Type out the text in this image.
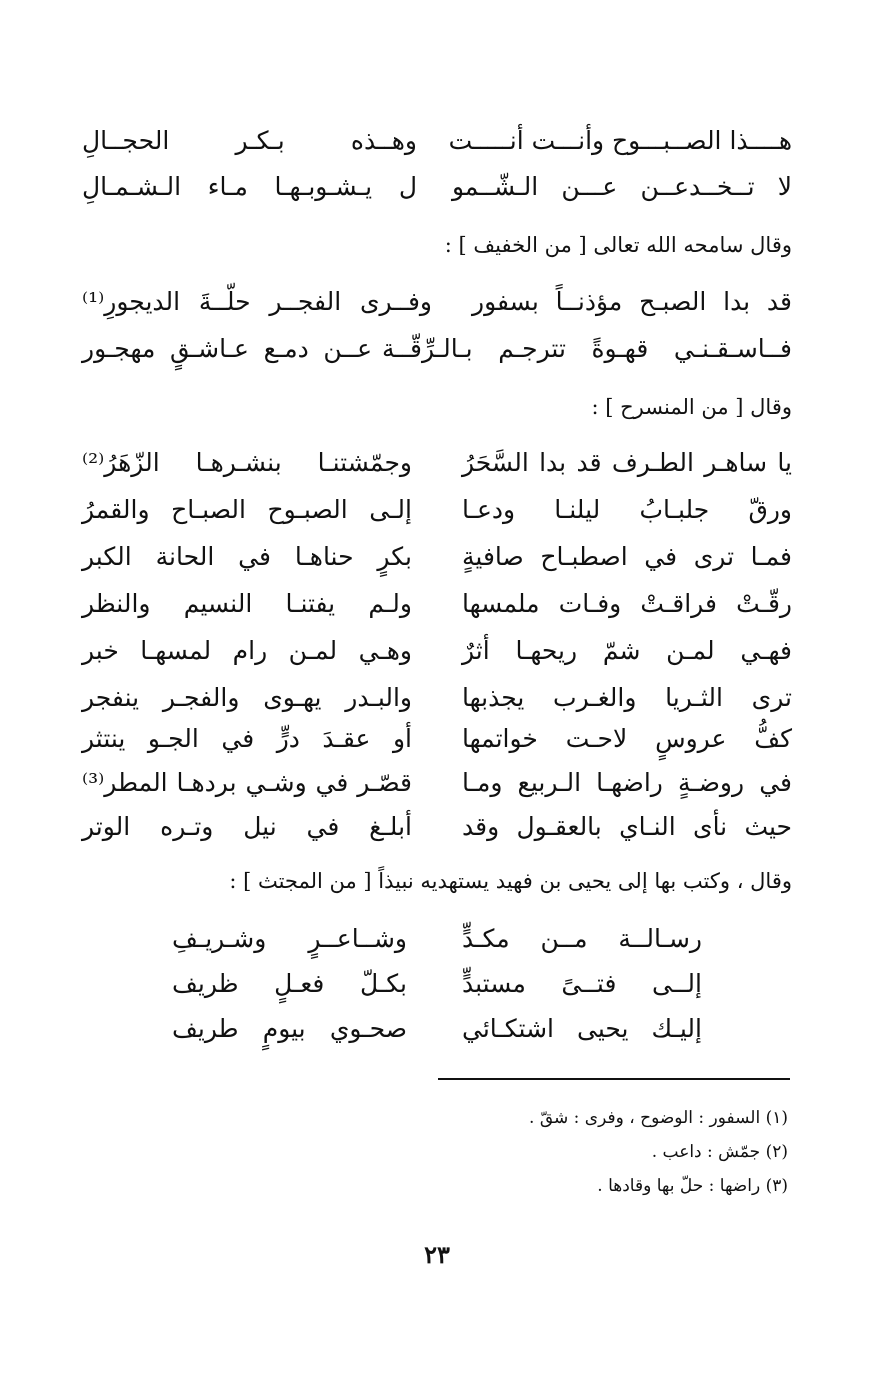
هــــذا الصــبـــوح وأنـــت أنـــــت
وهــذه بـكـر الحجــالِ
لا تــخــدعــن عـــن الـشّــمو
ل يـشـوبـهـا مـاء الـشـمـالِ
وقال سامحه الله تعالى [ من الخفيف ] :
قد بدا الصبـح مؤذنــاً بسفور
وفــرى الفجــر حلّــةَ الديجورِ⁽¹⁾
فــاسـقـنـي قهـوةً تترجـم بـالـرِّقّــة
عــن دمـع عـاشـقٍ مهجـور
وقال [ من المنسرح ] :
يا ساهـر الطـرف قد بدا السَّحَرُ
وجمّشتنـا بنشـرهـا الزّهَرُ⁽²⁾
ورقّ جلبـابُ ليلنـا ودعـا
إلـى الصبـوح الصبـاح والقمرُ
فمـا ترى في اصطبـاح صافيةٍ
بكرٍ حناهـا في الحانة الكبر
رقّـتْ فراقـتْ وفـات ملمسها
ولـم يفتنـا النسيم والنظر
فهـي لمـن شمّ ريحهـا أثرٌ
وهـي لمـن رام لمسهـا خبر
ترى الثـريا والغـرب يجذبها
والبـدر يهـوى والفجـر ينفجر
كفُّ عروسٍ لاحـت خواتمها
أو عقـدَ درٍّ في الجـو ينتثر
في روضـةٍ راضهـا الـربيع ومـا
قصّـر في وشـي بردهـا المطر⁽³⁾
حيث نأى النـاي بالعقـول وقد
أبلـغ في نيل وتـره الوتر
وقال ، وكتب بها إلى يحيى بن فهيد يستهديه نبيذاً [ من المجتث ] :
رسـالــة مــن مكـدٍّ
وشــاعــرٍ وشـريـفِ
إلــى فتــىً مستبدٍّ
بكـلّ فعـلٍ ظريف
إليـك يحيى اشتكـائي
صحـوي بيومٍ طريف
(١) السفور : الوضوح ، وفرى : شقّ .
(٢) جمّش : داعب .
(٣) راضها : حلّ بها وقادها .
٢٣
